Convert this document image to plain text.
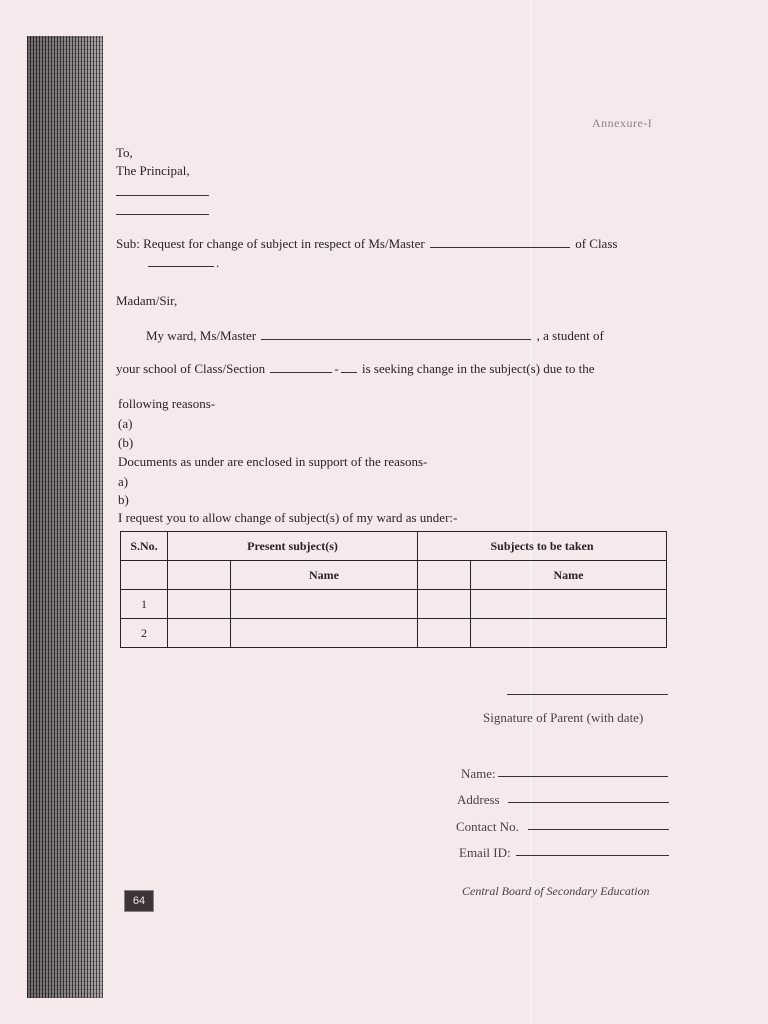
Annexure-I
To,
The Principal,
Sub: Request for change of subject in respect of Ms/Master	of Class
.
Madam/Sir,
My ward, Ms/Master	, a student of
your school of Class/Section	- is seeking change in the subject(s) due to the
following reasons-
(a)
(b)
Documents as under are enclosed in support of the reasons-
a)
b)
I request you to allow change of subject(s) of my ward as under:-
S.No.	Present subject(s)		Subjects to be taken	
		Name		Name
1				
2				
Signature of Parent (with date)
Name:
Address
Contact No.
Email ID:
64
Central Board of Secondary Education
